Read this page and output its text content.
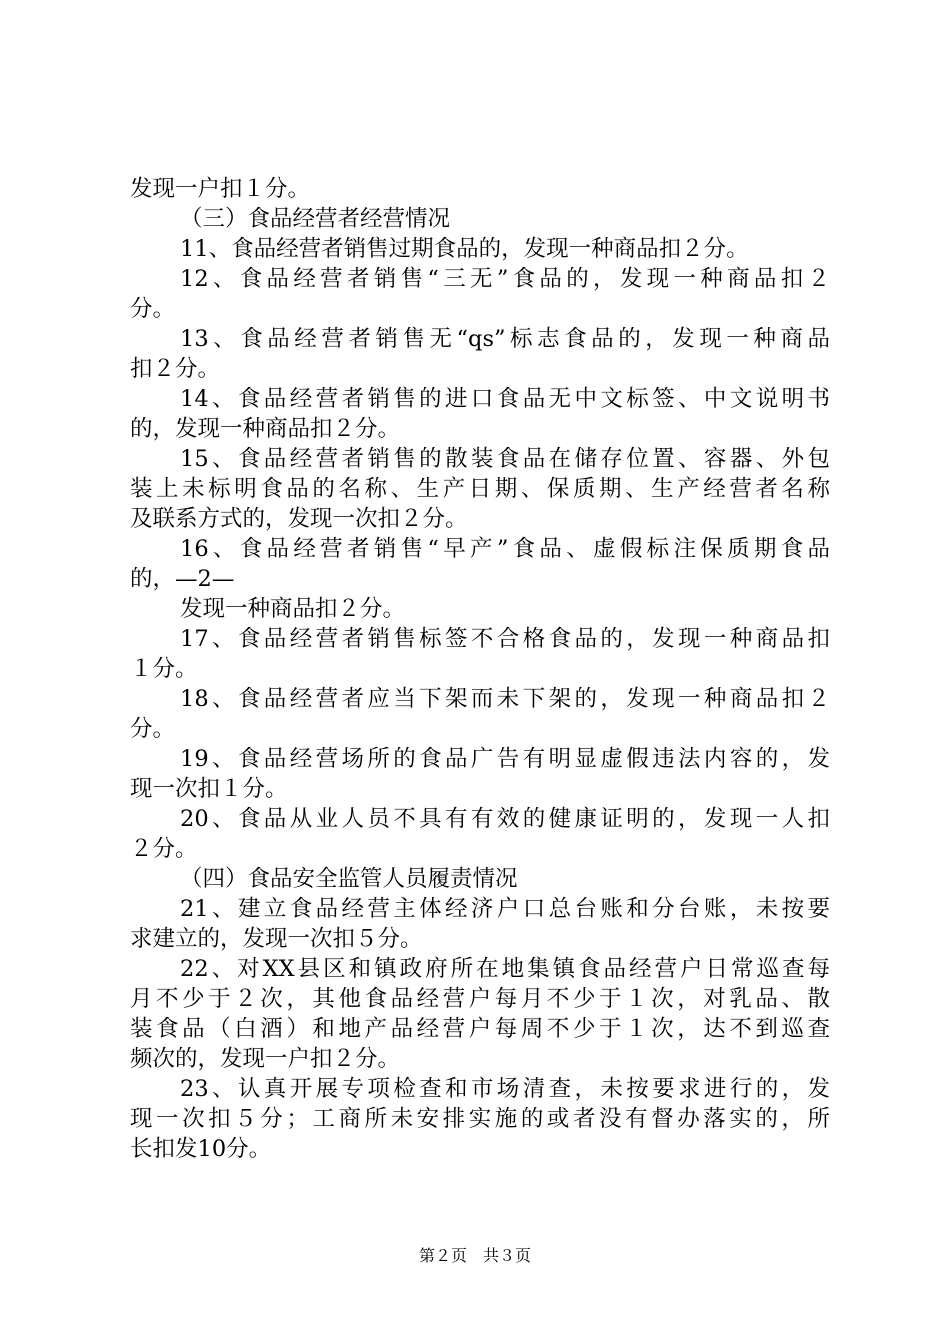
发现一户扣１分。
（三）食品经营者经营情况
11、食品经营者销售过期食品的，发现一种商品扣２分。
12、食品经营者销售“三无”食品的，发现一种商品扣２
分。
13、食品经营者销售无“qs”标志食品的，发现一种商品
扣２分。
14、食品经营者销售的进口食品无中文标签、中文说明书
的，发现一种商品扣２分。
15、食品经营者销售的散装食品在储存位置、容器、外包
装上未标明食品的名称、生产日期、保质期、生产经营者名称
及联系方式的，发现一次扣２分。
16、食品经营者销售“早产”食品、虚假标注保质期食品
的，—2—
发现一种商品扣２分。
17、食品经营者销售标签不合格食品的，发现一种商品扣
１分。
18、食品经营者应当下架而未下架的，发现一种商品扣２
分。
19、食品经营场所的食品广告有明显虚假违法内容的，发
现一次扣１分。
20、食品从业人员不具有有效的健康证明的，发现一人扣
２分。
（四）食品安全监管人员履责情况
21、建立食品经营主体经济户口总台账和分台账，未按要
求建立的，发现一次扣５分。
22、对XX县区和镇政府所在地集镇食品经营户日常巡查每
月不少于２次，其他食品经营户每月不少于１次，对乳品、散
装食品（白酒）和地产品经营户每周不少于１次，达不到巡查
频次的，发现一户扣２分。
23、认真开展专项检查和市场清查，未按要求进行的，发
现一次扣５分；工商所未安排实施的或者没有督办落实的，所
长扣发10分。
第２页　共３页
